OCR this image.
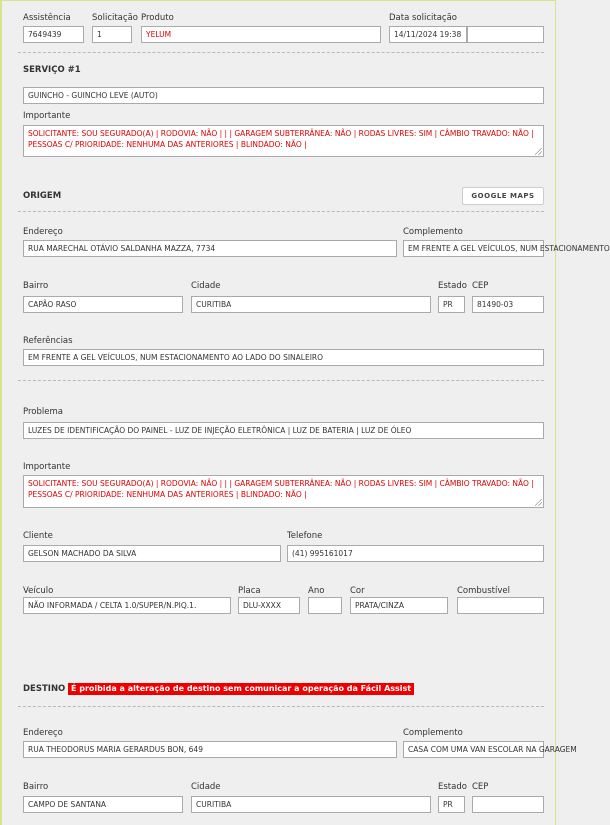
Assistência
7649439
Solicitação
1
Produto
YELUM
Data solicitação
14/11/2024 19:38
SERVIÇO #1
GUINCHO - GUINCHO LEVE (AUTO)
Importante
SOLICITANTE: SOU SEGURADO(A) | RODOVIA: NÃO | | | GARAGEM SUBTERRÂNEA: NÃO | RODAS LIVRES: SIM | CÂMBIO TRAVADO: NÃO | PESSOAS C/ PRIORIDADE: NENHUMA DAS ANTERIORES | BLINDADO: NÃO |
ORIGEM	GOOGLE MAPS
Endereço
RUA MARECHAL OTÁVIO SALDANHA MAZZA, 7734
Complemento
EM FRENTE A GEL VEÍCULOS, NUM ESTACIONAMENTO
Bairro
CAPÃO RASO
Cidade
CURITIBA
Estado
PR
CEP
81490-03
Referências
EM FRENTE A GEL VEÍCULOS, NUM ESTACIONAMENTO AO LADO DO SINALEIRO
Problema
LUZES DE IDENTIFICAÇÃO DO PAINEL - LUZ DE INJEÇÃO ELETRÔNICA | LUZ DE BATERIA | LUZ DE ÓLEO
Importante
SOLICITANTE: SOU SEGURADO(A) | RODOVIA: NÃO | | | GARAGEM SUBTERRÂNEA: NÃO | RODAS LIVRES: SIM | CÂMBIO TRAVADO: NÃO | PESSOAS C/ PRIORIDADE: NENHUMA DAS ANTERIORES | BLINDADO: NÃO |
Cliente
GELSON MACHADO DA SILVA
Telefone
(41) 995161017
Veículo
NÃO INFORMADA / CELTA 1.0/SUPER/N.PIQ.1.
Placa
DLU-XXXX
Ano	Cor
PRATA/CINZA
Combustível
DESTINO É proibida a alteração de destino sem comunicar a operação da Fácil Assist
Endereço
RUA THEODORUS MARIA GERARDUS BON, 649
Complemento
CASA COM UMA VAN ESCOLAR NA GARAGEM
Bairro
CAMPO DE SANTANA
Cidade
CURITIBA
Estado
PR
CEP
